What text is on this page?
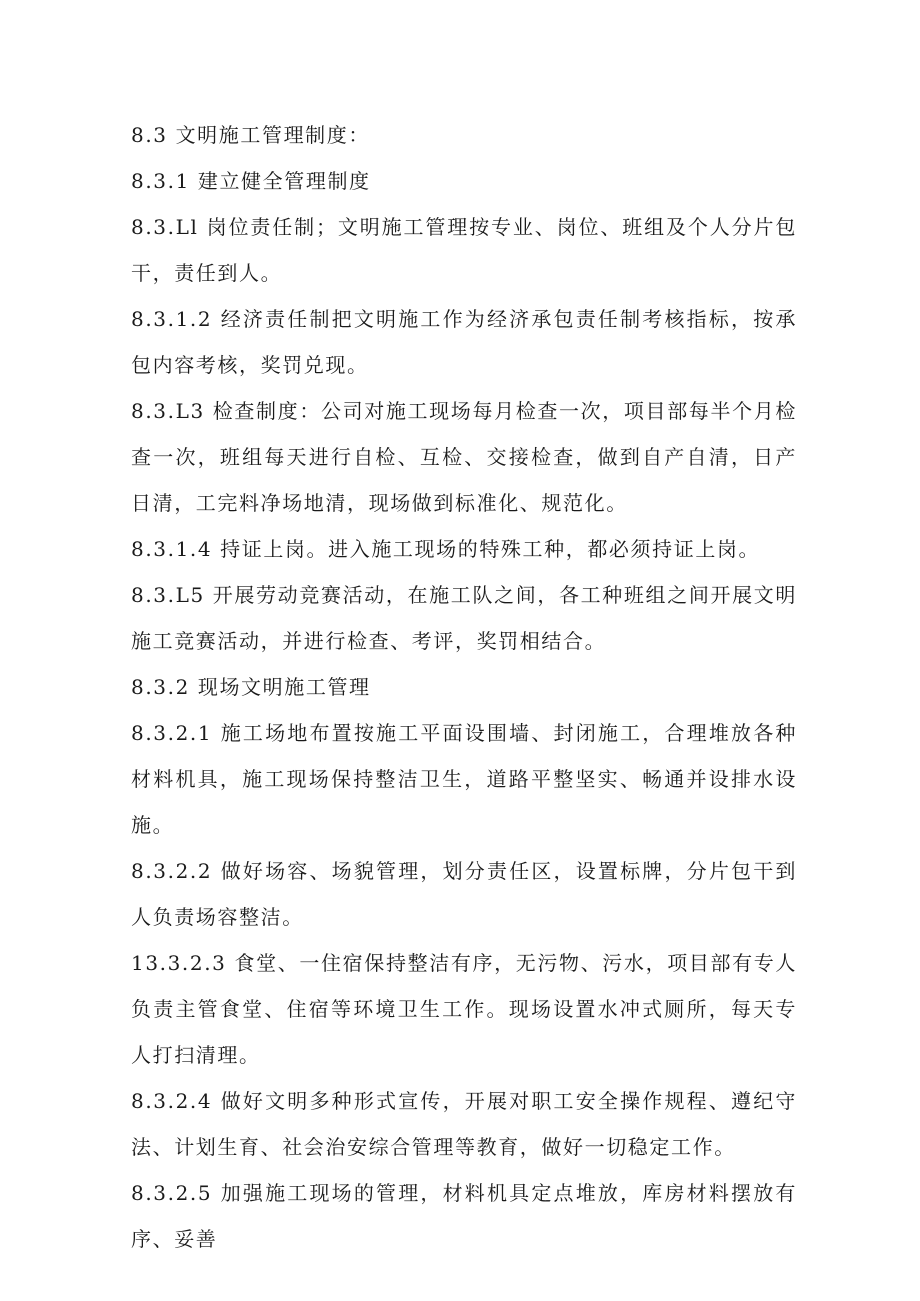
8.3 文明施工管理制度：

8.3.1 建立健全管理制度

8.3.Ll 岗位责任制；文明施工管理按专业、岗位、班组及个人分片包干，责任到人。

8.3.1.2 经济责任制把文明施工作为经济承包责任制考核指标，按承包内容考核，奖罚兑现。

8.3.L3 检查制度：公司对施工现场每月检查一次，项目部每半个月检查一次，班组每天进行自检、互检、交接检查，做到自产自清，日产日清，工完料净场地清，现场做到标准化、规范化。

8.3.1.4 持证上岗。进入施工现场的特殊工种，都必须持证上岗。

8.3.L5 开展劳动竞赛活动，在施工队之间，各工种班组之间开展文明施工竞赛活动，并进行检查、考评，奖罚相结合。

8.3.2 现场文明施工管理

8.3.2.1 施工场地布置按施工平面设围墙、封闭施工，合理堆放各种材料机具，施工现场保持整洁卫生，道路平整坚实、畅通并设排水设施。

8.3.2.2 做好场容、场貌管理，划分责任区，设置标牌，分片包干到人负责场容整洁。

13.3.2.3 食堂、一住宿保持整洁有序，无污物、污水，项目部有专人负责主管食堂、住宿等环境卫生工作。现场设置水冲式厕所，每天专人打扫清理。

8.3.2.4 做好文明多种形式宣传，开展对职工安全操作规程、遵纪守法、计划生育、社会治安综合管理等教育，做好一切稳定工作。

8.3.2.5 加强施工现场的管理，材料机具定点堆放，库房材料摆放有序、妥善
